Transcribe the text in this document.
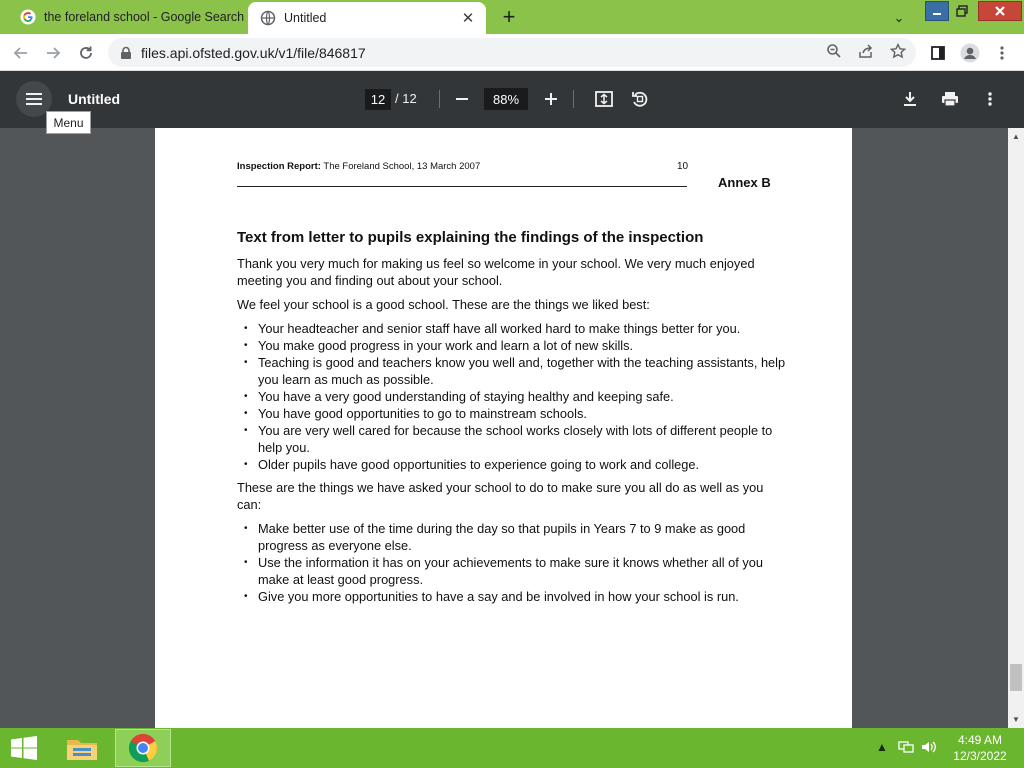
the foreland school - Google Search	Untitled	✕ +	⌄
files.api.ofsted.gov.uk/v1/file/846817
Untitled	12 / 12	88%
Inspection Report: The Foreland School, 13 March 2007	10
Annex B
Text from letter to pupils explaining the findings of the inspection

Thank you very much for making us feel so welcome in your school. We very much enjoyed meeting you and finding out about your school.

We feel your school is a good school. These are the things we liked best:

• Your headteacher and senior staff have all worked hard to make things better for you.
• You make good progress in your work and learn a lot of new skills.
• Teaching is good and teachers know you well and, together with the teaching assistants, help you learn as much as possible.
• You have a very good understanding of staying healthy and keeping safe.
• You have good opportunities to go to mainstream schools.
• You are very well cared for because the school works closely with lots of different people to help you.
• Older pupils have good opportunities to experience going to work and college.

These are the things we have asked your school to do to make sure you all do as well as you can:

• Make better use of the time during the day so that pupils in Years 7 to 9 make as good progress as everyone else.
• Use the information it has on your achievements to make sure it knows whether all of you make at least good progress.
• Give you more opportunities to have a say and be involved in how your school is run.
Menu
▲
▼
▲	4:49 AM
12/3/2022
